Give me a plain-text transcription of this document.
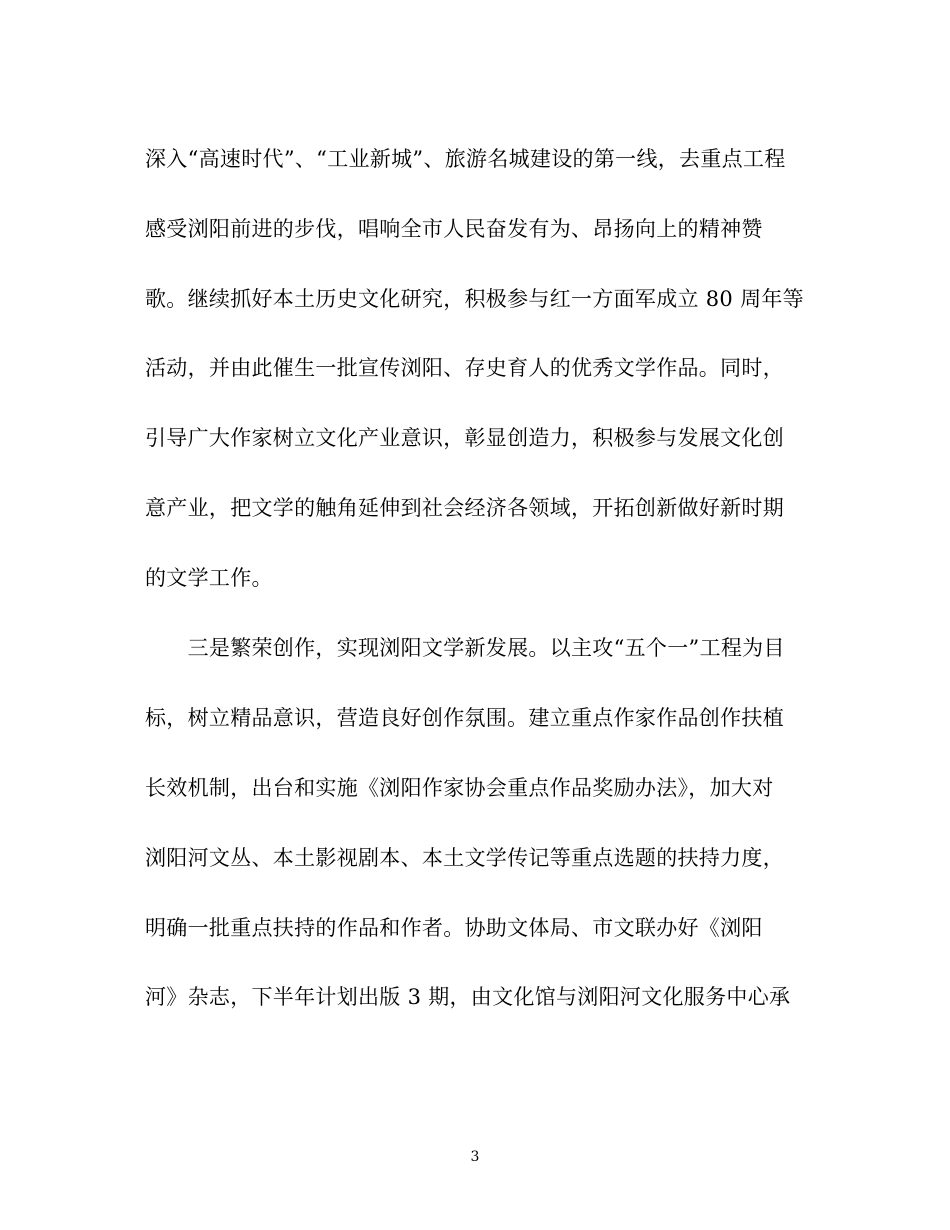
深入“高速时代”、“工业新城”、旅游名城建设的第一线，去重点工程
感受浏阳前进的步伐，唱响全市人民奋发有为、昂扬向上的精神赞
歌。继续抓好本土历史文化研究，积极参与红一方面军成立 80 周年等
活动，并由此催生一批宣传浏阳、存史育人的优秀文学作品。同时，
引导广大作家树立文化产业意识，彰显创造力，积极参与发展文化创
意产业，把文学的触角延伸到社会经济各领域，开拓创新做好新时期
的文学工作。
　　三是繁荣创作，实现浏阳文学新发展。以主攻“五个一”工程为目
标，树立精品意识，营造良好创作氛围。建立重点作家作品创作扶植
长效机制，出台和实施《浏阳作家协会重点作品奖励办法》，加大对
浏阳河文丛、本土影视剧本、本土文学传记等重点选题的扶持力度，
明确一批重点扶持的作品和作者。协助文体局、市文联办好《浏阳
河》杂志，下半年计划出版 3 期，由文化馆与浏阳河文化服务中心承
3
